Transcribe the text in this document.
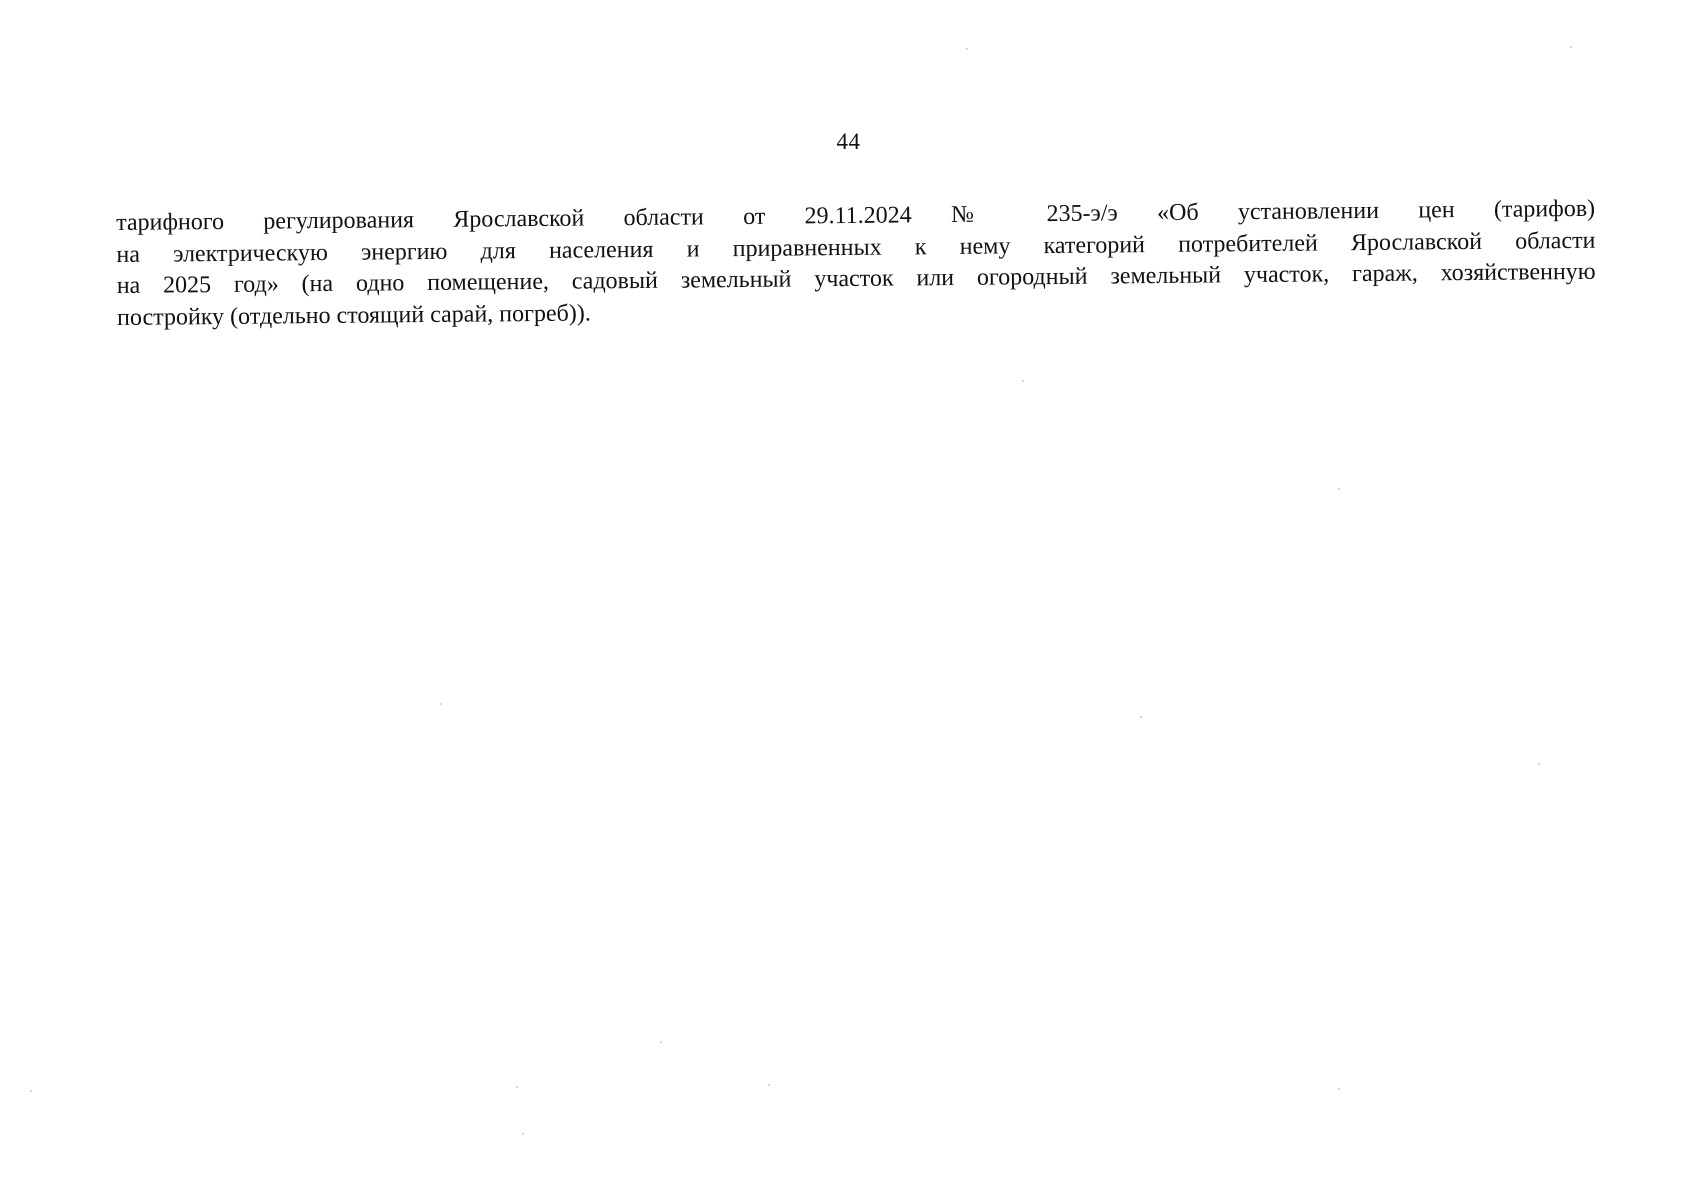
44
тарифного регулирования Ярославской области от 29.11.2024 № 235-э/э «Об установлении цен (тарифов)
на электрическую энергию для населения и приравненных к нему категорий потребителей Ярославской области
на 2025 год» (на одно помещение, садовый земельный участок или огородный земельный участок, гараж, хозяйственную
постройку (отдельно стоящий сарай, погреб)).
